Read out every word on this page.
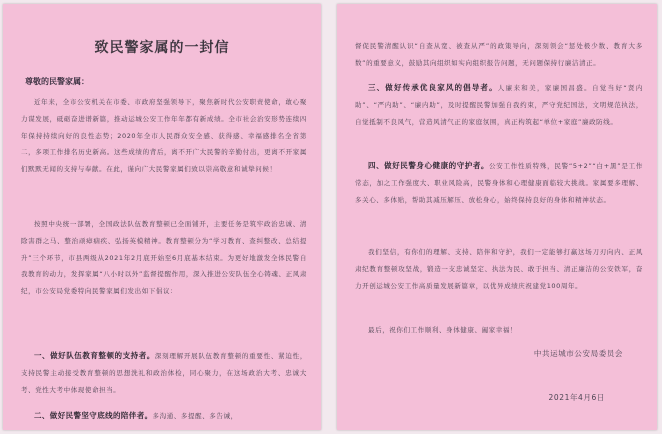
致民警家属的一封信
尊敬的民警家属：
近年来，全市公安机关在市委、市政府坚强领导下，聚焦新时代公安职责使命，敢心聚力谋发展，砥砺奋进谱新篇，推动运城公安工作年年都有新成绩。全市社会治安形势连续四年保持持续向好的良性态势；2020年全市人民群众安全感、获得感、幸福感排名全省第二，多项工作排名历史新高。这些成绩的背后，离不开广大民警的辛勤付出，更离不开家属们默默无闻的支持与奉献。在此，谨向广大民警家属们致以崇高敬意和诚挚问候！
按照中央统一部署，全国政法队伍教育整顿已全面铺开，主要任务是筑牢政治忠诚、清除害群之马、整治顽瘴痼疾、弘扬英模精神。教育整顿分为“学习教育、查纠整改、总结提升”三个环节，市县两级从2021年2月底开始至6月底基本结束。为更好地激发全体民警自我教育的动力，发挥家属“八小时以外”监督提醒作用，深入推进公安队伍全心铸魂、正风肃纪，市公安局党委特向民警家属们发出如下倡议：
一、做好队伍教育整顿的支持者。深刻理解开展队伍教育整顿的重要性、紧迫性，支持民警主动接受教育整顿的思想洗礼和政治体检，同心聚力，在这场政治大考、忠诚大考、党性大考中体现使命担当。
二、做好民警坚守底线的陪伴者。多沟通、多提醒、多告诫，
督促民警清醒认识“自查从宽、被查从严”的政策导向，深刻领会“惩处极少数、教育大多数”的重要意义，鼓励其向组织如实向组织报告问题，无问题保持行廉洁清正。
三、做好传承优良家风的倡导者。人廉来和美，家廉国昌盛。自觉当好“贤内助”、“严内助”、“廉内助”，及时提醒民警加强自我约束，严守党纪国法，文明规范执法，自觉抵制不良风气，营造风清气正的家庭氛围，真正构筑起“单位+家庭”廉政防线。
四、做好民警身心健康的守护者。公安工作性质特殊，民警“5+2”“白+黑”是工作常态，加之工作强度大、职业风险高，民警身体和心理健康面临较大挑战。家属要多理解、多关心、多体贴，帮助其减压解压、放松身心，始终保持良好的身体和精神状态。
我们坚信，有你们的理解、支持、陪伴和守护，我们一定能够打赢这场刀刃向内、正风肃纪教育整顿攻坚战，锻造一支忠诚坚定、执法为民、敢于担当、清正廉洁的公安铁军，奋力开创运城公安工作高质量发展新篇章，以优异成绩庆祝建党100周年。
最后，祝你们工作顺利、身体健康、阖家幸福！
中共运城市公安局委员会
2021年4月6日
